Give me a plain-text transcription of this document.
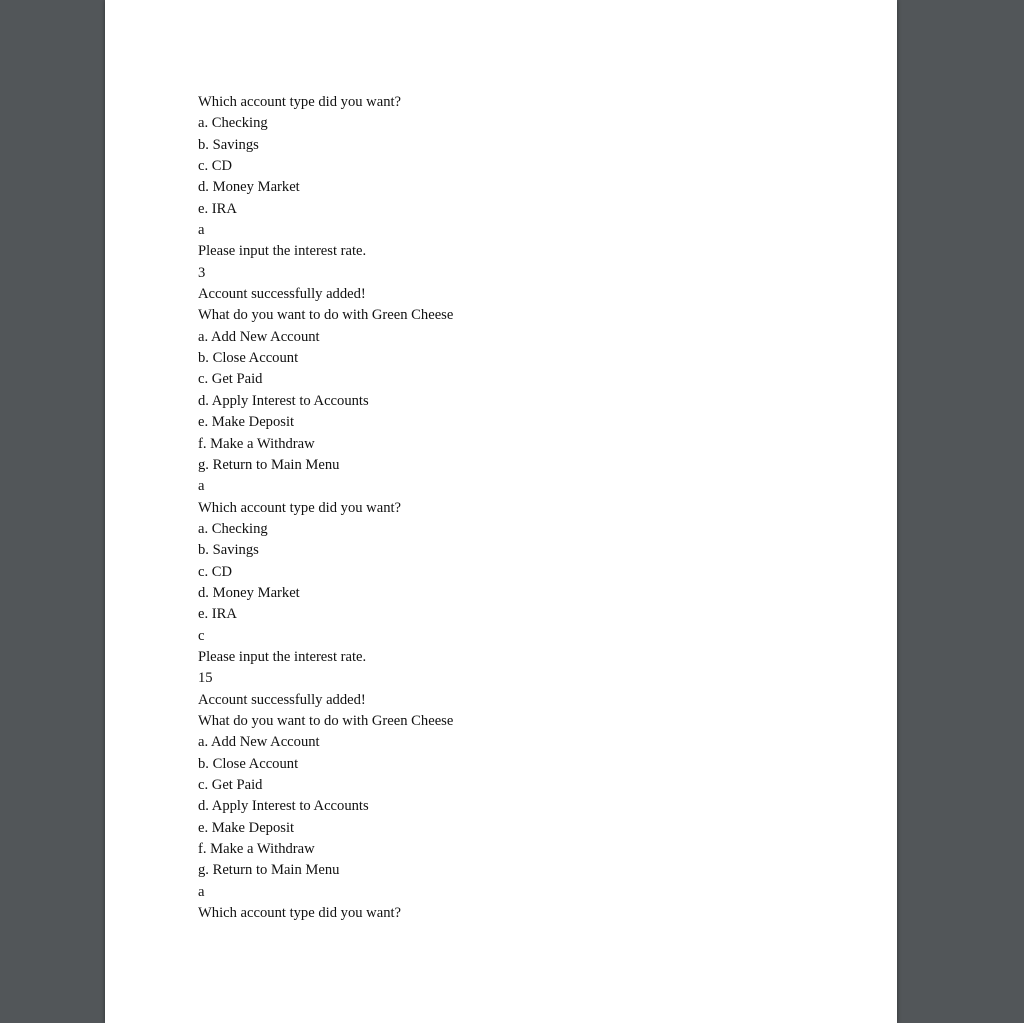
Which account type did you want?
a. Checking
b. Savings
c. CD
d. Money Market
e. IRA
a
Please input the interest rate.
3
Account successfully added!
What do you want to do with Green Cheese
a. Add New Account
b. Close Account
c. Get Paid
d. Apply Interest to Accounts
e. Make Deposit
f. Make a Withdraw
g. Return to Main Menu
a
Which account type did you want?
a. Checking
b. Savings
c. CD
d. Money Market
e. IRA
c
Please input the interest rate.
15
Account successfully added!
What do you want to do with Green Cheese
a. Add New Account
b. Close Account
c. Get Paid
d. Apply Interest to Accounts
e. Make Deposit
f. Make a Withdraw
g. Return to Main Menu
a
Which account type did you want?
